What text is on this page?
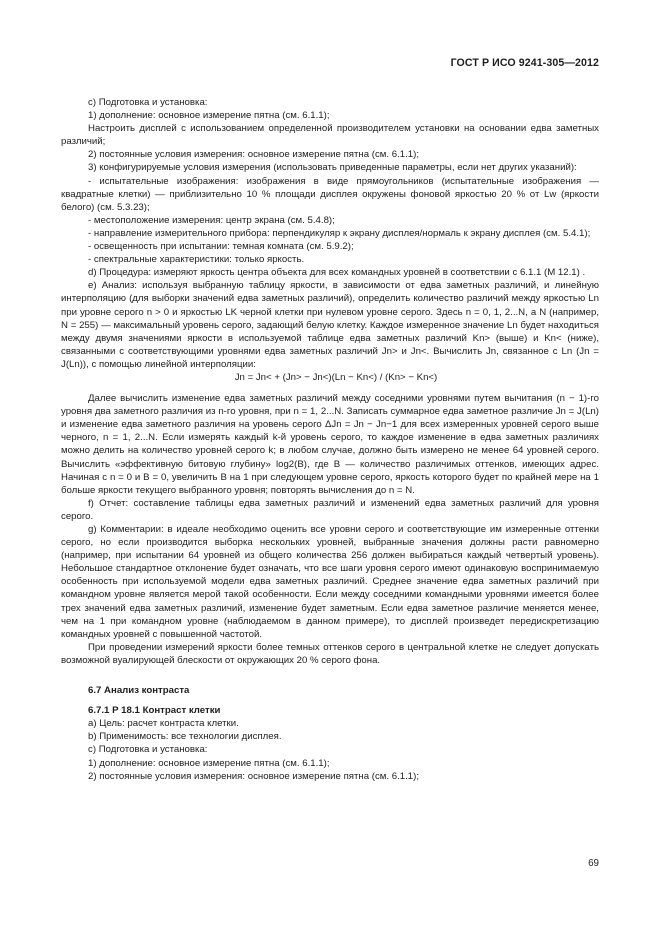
ГОСТ Р ИСО 9241-305—2012

c) Подготовка и установка:

1) дополнение: основное измерение пятна (см. 6.1.1);

Настроить дисплей с использованием определенной производителем установки на основании едва заметных различий;

2) постоянные условия измерения: основное измерение пятна (см. 6.1.1);

3) конфигурируемые условия измерения (использовать приведенные параметры, если нет других указаний):

- испытательные изображения: изображения в виде прямоугольников (испытательные изображения — квадратные клетки) — приблизительно 10 % площади дисплея окружены фоновой яркостью 20 % от Lw (яркости белого) (см. 5.3.23);

- местоположение измерения: центр экрана (см. 5.4.8);

- направление измерительного прибора: перпендикуляр к экрану дисплея/нормаль к экрану дисплея (см. 5.4.1);

- освещенность при испытании: темная комната (см. 5.9.2);

- спектральные характеристики: только яркость.

d) Процедура: измеряют яркость центра объекта для всех командных уровней в соответствии с 6.1.1 (М 12.1) .

e) Анализ: используя выбранную таблицу яркости, в зависимости от едва заметных различий, и линейную интерполяцию (для выборки значений едва заметных различий), определить количество различий между яркостью Ln при уровне серого n > 0 и яркостью LK черной клетки при нулевом уровне серого. Здесь n = 0, 1, 2...N, а N (например, N = 255) — максимальный уровень серого, задающий белую клетку. Каждое измеренное значение Ln будет находиться между двумя значениями яркости в используемой таблице едва заметных различий Kn> (выше) и Kn< (ниже), связанными с соответствующими уровнями едва заметных различий Jn> и Jn<. Вычислить Jn, связанное с Ln (Jn = J(Ln)), с помощью линейной интерполяции:

Jn = Jn< + (Jn> − Jn<)(Ln − Kn<) / (Kn> − Kn<)

Далее вычислить изменение едва заметных различий между соседними уровнями путем вычитания (n − 1)-го уровня два заметного различия из n-го уровня, при n = 1, 2...N. Записать суммарное едва заметное различие Jn = J(Ln) и изменение едва заметного различия на уровень серого ΔJn = Jn − Jn−1 для всех измеренных уровней серого выше черного, n = 1, 2...N. Если измерять каждый k-й уровень серого, то каждое изменение в едва заметных различиях можно делить на количество уровней серого k; в любом случае, должно быть измерено не менее 64 уровней серого. Вычислить «эффективную битовую глубину» log2(B), где B — количество различимых оттенков, имеющих адрес. Начиная с n = 0 и B = 0, увеличить B на 1 при следующем уровне серого, яркость которого будет по крайней мере на 1 больше яркости текущего выбранного уровня; повторять вычисления до n = N.

f) Отчет: составление таблицы едва заметных различий и изменений едва заметных различий для уровня серого.

g) Комментарии: в идеале необходимо оценить все уровни серого и соответствующие им измеренные оттенки серого, но если производится выборка нескольких уровней, выбранные значения должны расти равномерно (например, при испытании 64 уровней из общего количества 256 должен выбираться каждый четвертый уровень). Небольшое стандартное отклонение будет означать, что все шаги уровня серого имеют одинаковую воспринимаемую особенность при используемой модели едва заметных различий. Среднее значение едва заметных различий при командном уровне является мерой такой особенности. Если между соседними командными уровнями имеется более трех значений едва заметных различий, изменение будет заметным. Если едва заметное различие меняется менее, чем на 1 при командном уровне (наблюдаемом в данном примере), то дисплей произведет передискретизацию командных уровней с повышенной частотой.

При проведении измерений яркости более темных оттенков серого в центральной клетке не следует допускать возможной вуалирующей блескости от окружающих 20 % серого фона.

6.7 Анализ контраста

6.7.1 Р 18.1 Контраст клетки

a) Цель: расчет контраста клетки.

b) Применимость: все технологии дисплея.

c) Подготовка и установка:

1) дополнение: основное измерение пятна (см. 6.1.1);

2) постоянные условия измерения: основное измерение пятна (см. 6.1.1);

69
